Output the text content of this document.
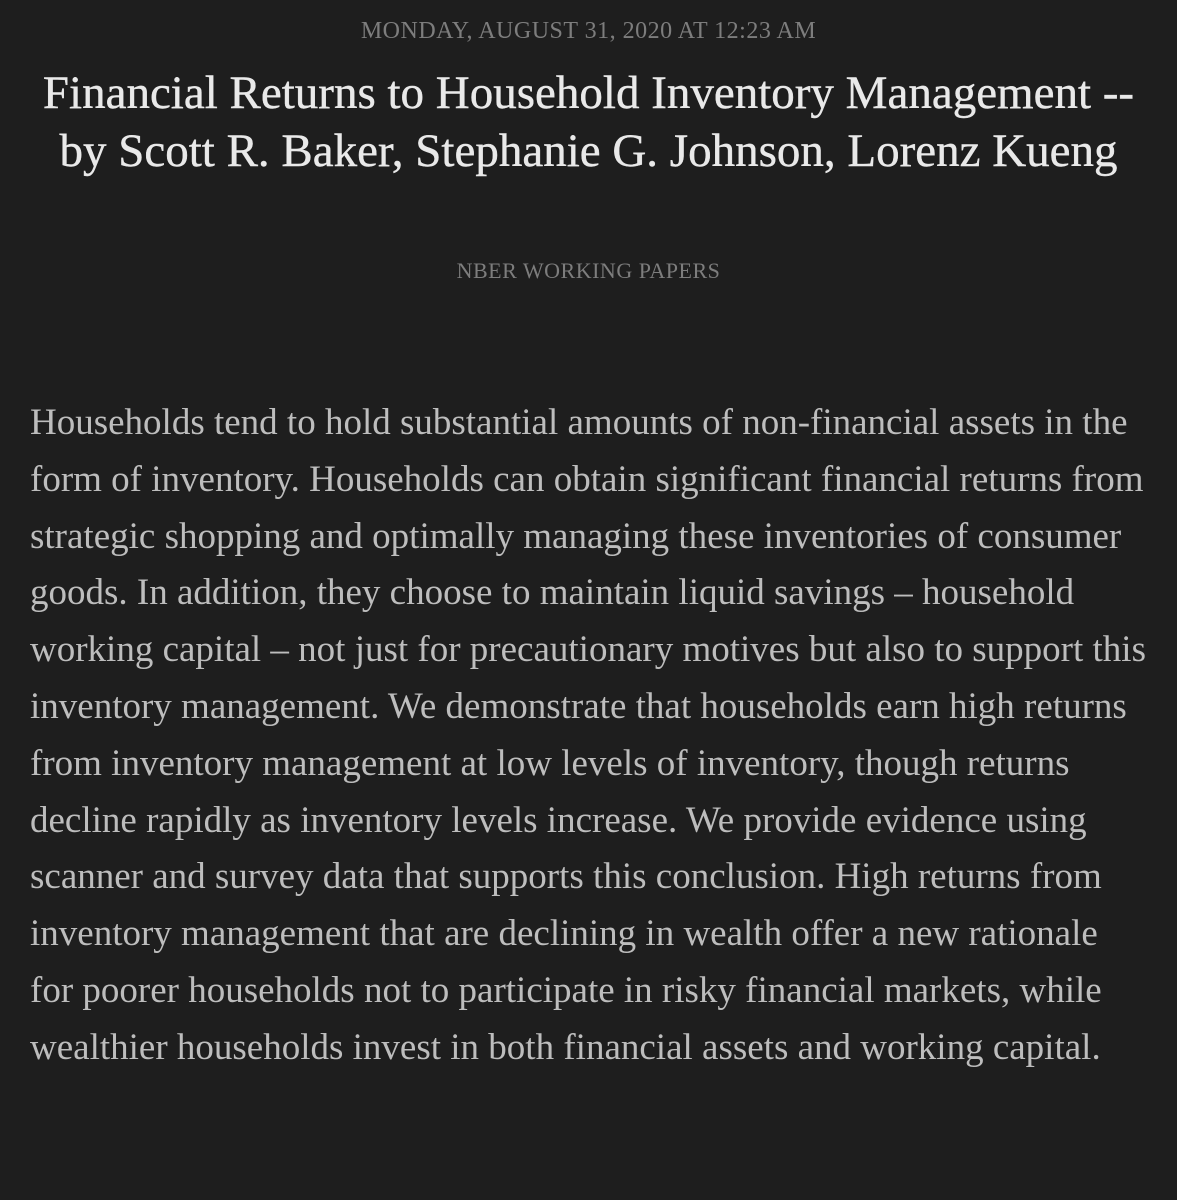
MONDAY, AUGUST 31, 2020 AT 12:23 AM

Financial Returns to Household Inventory Management -- by Scott R. Baker, Stephanie G. Johnson, Lorenz Kueng

NBER WORKING PAPERS

Households tend to hold substantial amounts of non-financial assets in the form of inventory. Households can obtain significant financial returns from strategic shopping and optimally managing these inventories of consumer goods. In addition, they choose to maintain liquid savings – household working capital – not just for precautionary motives but also to support this inventory management. We demonstrate that households earn high returns from inventory management at low levels of inventory, though returns decline rapidly as inventory levels increase. We provide evidence using scanner and survey data that supports this conclusion. High returns from inventory management that are declining in wealth offer a new rationale for poorer households not to participate in risky financial markets, while wealthier households invest in both financial assets and working capital.
